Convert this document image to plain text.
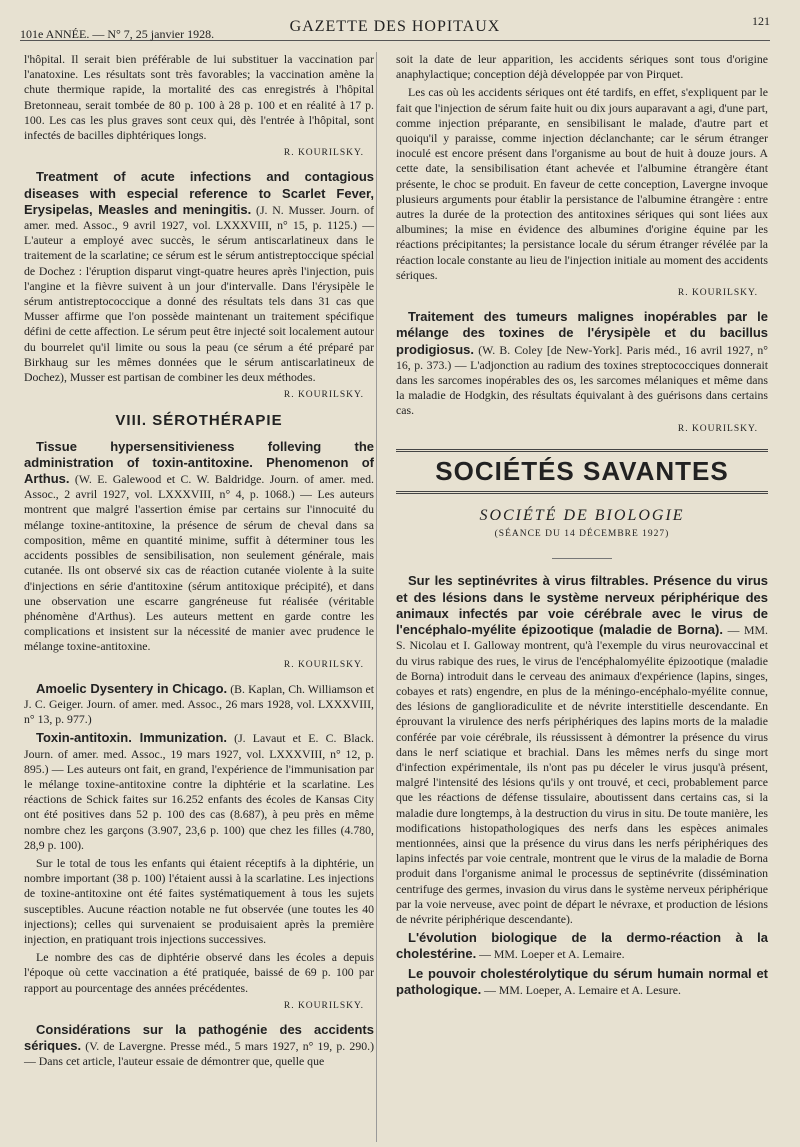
101e ANNÉE. — N° 7, 25 janvier 1928.	GAZETTE DES HOPITAUX	121

l'hôpital. Il serait bien préférable de lui substituer la vaccination par l'anatoxine. Les résultats sont très favorables; la vaccination amène la chute thermique rapide, la mortalité des cas enregistrés à l'hôpital Bretonneau, serait tombée de 80 p. 100 à 28 p. 100 et en réalité à 17 p. 100. Les cas les plus graves sont ceux qui, dès l'entrée à l'hôpital, sont infectés de bacilles diphtériques longs.

R. KOURILSKY.

Treatment of acute infections and contagious diseases with especial reference to Scarlet Fever, Erysipelas, Measles and meningitis. (J. N. Musser. Journ. of amer. med. Assoc., 9 avril 1927, vol. LXXXVIII, n° 15, p. 1125.) — L'auteur a employé avec succès, le sérum antiscarlatineux dans le traitement de la scarlatine; ce sérum est le sérum antistreptoccique spécial de Dochez : l'éruption disparut vingt-quatre heures après l'injection, puis l'angine et la fièvre suivent à un jour d'intervalle. Dans l'érysipèle le sérum antistreptococcique a donné des résultats tels dans 31 cas que Musser affirme que l'on possède maintenant un traitement spécifique défini de cette affection. Le sérum peut être injecté soit localement autour du bourrelet qu'il limite ou sous la peau (ce sérum a été préparé par Birkhaug sur les mêmes données que le sérum antiscarlatineux de Dochez), Musser est partisan de combiner les deux méthodes.

R. KOURILSKY.

VIII. SÉROTHÉRAPIE

Tissue hypersensitivieness folleving the administration of toxin-antitoxine. Phenomenon of Arthus. (W. E. Galewood et C. W. Baldridge. Journ. of amer. med. Assoc., 2 avril 1927, vol. LXXXVIII, n° 4, p. 1068.) — Les auteurs montrent que malgré l'assertion émise par certains sur l'innocuité du mélange toxine-antitoxine, la présence de sérum de cheval dans sa composition, même en quantité minime, suffit à déterminer tous les accidents possibles de sensibilisation, non seulement générale, mais cutanée. Ils ont observé six cas de réaction cutanée violente à la suite d'injections en série d'antitoxine (sérum antitoxique précipité), et dans une observation une escarre gangréneuse fut réalisée (véritable phénomène d'Arthus). Les auteurs mettent en garde contre les complications et insistent sur la nécessité de manier avec prudence le mélange toxine-antitoxine.

R. KOURILSKY.

Amoelic Dysentery in Chicago. (B. Kaplan, Ch. Williamson et J. C. Geiger. Journ. of amer. med. Assoc., 26 mars 1928, vol. LXXXVIII, n° 13, p. 977.)

Toxin-antitoxin. Immunization. (J. Lavaut et E. C. Black. Journ. of amer. med. Assoc., 19 mars 1927, vol. LXXXVIII, n° 12, p. 895.) — Les auteurs ont fait, en grand, l'expérience de l'immunisation par le mélange toxine-antitoxine contre la diphtérie et la scarlatine. Les réactions de Schick faites sur 16.252 enfants des écoles de Kansas City ont été positives dans 52 p. 100 des cas (8.687), à peu près en même nombre chez les garçons (3.907, 23,6 p. 100) que chez les filles (4.780, 28,9 p. 100).

Sur le total de tous les enfants qui étaient réceptifs à la diphtérie, un nombre important (38 p. 100) l'étaient aussi à la scarlatine. Les injections de toxine-antitoxine ont été faites systématiquement à tous les sujets susceptibles. Aucune réaction notable ne fut observée (une toutes les 40 injections); celles qui survenaient se produisaient après la première injection, en pratiquant trois injections successives.

Le nombre des cas de diphtérie observé dans les écoles a depuis l'époque où cette vaccination a été pratiquée, baissé de 69 p. 100 par rapport au pourcentage des années précédentes.

R. KOURILSKY.

Considérations sur la pathogénie des accidents sériques. (V. de Lavergne. Presse méd., 5 mars 1927, n° 19, p. 290.) — Dans cet article, l'auteur essaie de démontrer que, quelle que

soit la date de leur apparition, les accidents sériques sont tous d'origine anaphylactique; conception déjà développée par von Pirquet.

Les cas où les accidents sériques ont été tardifs, en effet, s'expliquent par le fait que l'injection de sérum faite huit ou dix jours auparavant a agi, d'une part, comme injection préparante, en sensibilisant le malade, d'autre part et quoiqu'il y paraisse, comme injection déclanchante; car le sérum étranger inoculé est encore présent dans l'organisme au bout de huit à douze jours. A cette date, la sensibilisation étant achevée et l'albumine étrangère étant présente, le choc se produit. En faveur de cette conception, Lavergne invoque plusieurs arguments pour établir la persistance de l'albumine étrangère : entre autres la durée de la protection des antitoxines sériques qui sont liées aux albumines; la mise en évidence des albumines d'origine équine par les réactions précipitantes; la persistance locale du sérum étranger révélée par la réaction locale constante au lieu de l'injection initiale au moment des accidents sériques.

R. KOURILSKY.

Traitement des tumeurs malignes inopérables par le mélange des toxines de l'érysipèle et du bacillus prodigiosus. (W. B. Coley [de New-York]. Paris méd., 16 avril 1927, n° 16, p. 373.) — L'adjonction au radium des toxines streptococciques donnerait dans les sarcomes inopérables des os, les sarcomes mélaniques et même dans la maladie de Hodgkin, des résultats équivalant à des guérisons dans certains cas.

R. KOURILSKY.

SOCIÉTÉS SAVANTES
SOCIÉTÉ DE BIOLOGIE
(SÉANCE DU 14 DÉCEMBRE 1927)

Sur les septinévrites à virus filtrables. Présence du virus et des lésions dans le système nerveux périphérique des animaux infectés par voie cérébrale avec le virus de l'encéphalo-myélite épizootique (maladie de Borna). — MM. S. Nicolau et I. Galloway montrent, qu'à l'exemple du virus neurovaccinal et du virus rabique des rues, le virus de l'encéphalomyélite épizootique (maladie de Borna) introduit dans le cerveau des animaux d'expérience (lapins, singes, cobayes et rats) engendre, en plus de la méningo-encéphalo-myélite connue, des lésions de ganglioradiculite et de névrite interstitielle descendante. En éprouvant la virulence des nerfs périphériques des lapins morts de la maladie conférée par voie cérébrale, ils réussissent à démontrer la présence du virus dans le nerf sciatique et brachial. Dans les mêmes nerfs du singe mort d'infection expérimentale, ils n'ont pas pu déceler le virus jusqu'à présent, malgré l'intensité des lésions qu'ils y ont trouvé, et ceci, probablement parce que les réactions de défense tissulaire, aboutissent dans certains cas, si la maladie dure longtemps, à la destruction du virus in situ. De toute manière, les modifications histopathologiques des nerfs dans les espèces animales mentionnées, ainsi que la présence du virus dans les nerfs périphériques des lapins infectés par voie centrale, montrent que le virus de la maladie de Borna produit dans l'organisme animal le processus de septinévrite (dissémination centrifuge des germes, invasion du virus dans le système nerveux périphérique par la voie nerveuse, avec point de départ le névraxe, et production de lésions de névrite périphérique descendante).

L'évolution biologique de la dermo-réaction à la cholestérine. — MM. Loeper et A. Lemaire.

Le pouvoir cholestérolytique du sérum humain normal et pathologique. — MM. Loeper, A. Lemaire et A. Lesure.
